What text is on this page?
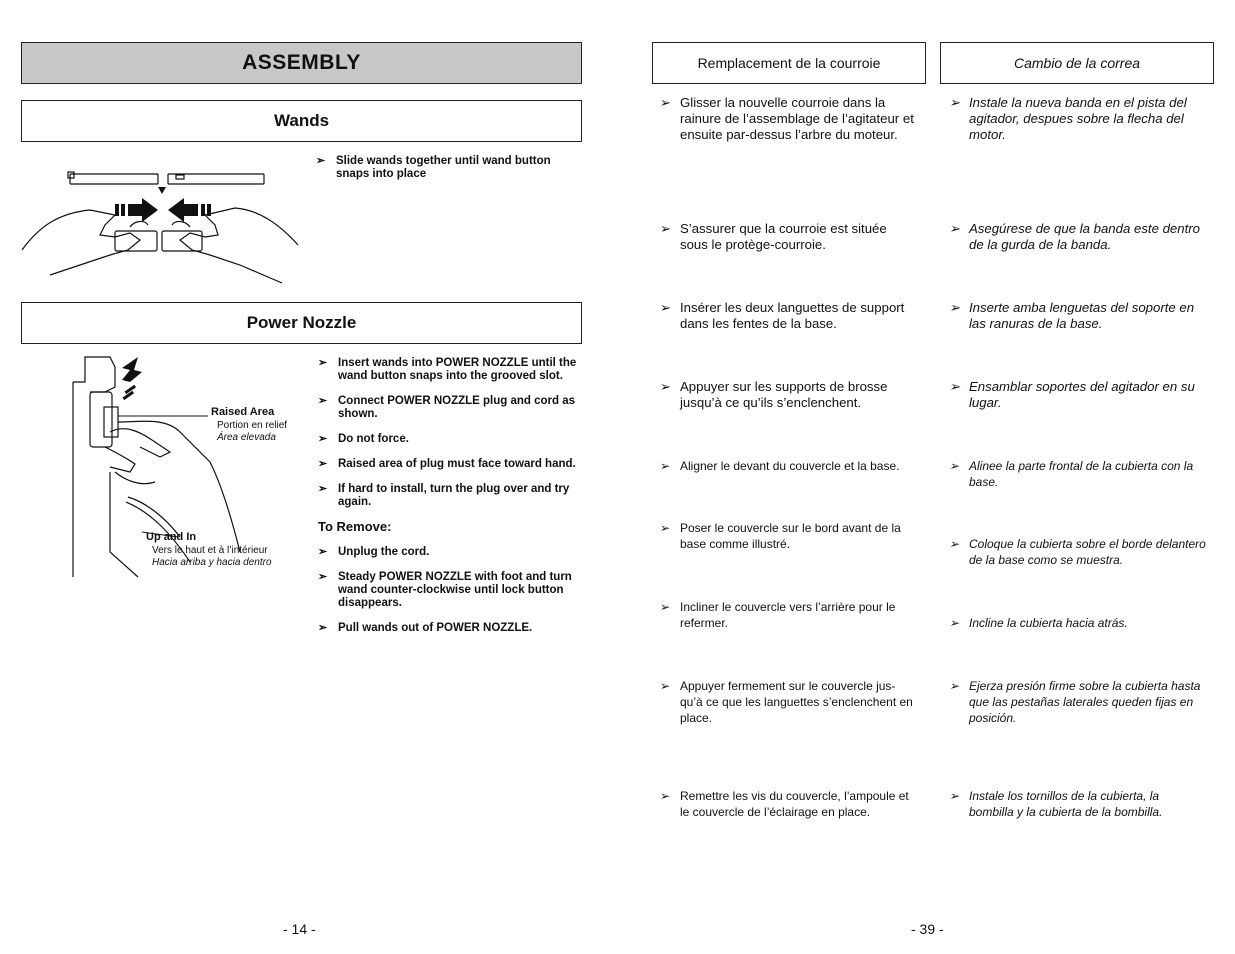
ASSEMBLY
Wands
➢ Slide wands together until wand button snaps into place
Power Nozzle
Raised Area
Portion en relief
Área elevada
Up and In
Vers le haut et à l’intérieur
Hacia arriba y hacia dentro
➢ Insert wands into POWER NOZZLE until the wand button snaps into the grooved slot.
➢ Connect POWER NOZZLE plug and cord as shown.
➢ Do not force.
➢ Raised area of plug must face toward hand.
➢ If hard to install, turn the plug over and try again.
To Remove:
➢ Unplug the cord.
➢ Steady POWER NOZZLE with foot and turn wand counter-clockwise until lock button disappears.
➢ Pull wands out of POWER NOZZLE.
- 14 -
Remplacement de la courroie	Cambio de la correa
➢ Glisser la nouvelle courroie dans la rainure de l’assemblage de l’agitateur et ensuite par-dessus l’arbre du moteur.
➢ S’assurer que la courroie est située sous le protège-courroie.
➢ Insérer les deux languettes de support dans les fentes de la base.
➢ Appuyer sur les supports de brosse jusqu’à ce qu’ils s’enclenchent.
➢ Aligner le devant du couvercle et la base.
➢ Poser le couvercle sur le bord avant de la base comme illustré.
➢ Incliner le couvercle vers l’arrière pour le refermer.
➢ Appuyer fermement sur le couvercle jus-qu’à ce que les languettes s’enclenchent en place.
➢ Remettre les vis du couvercle, l’ampoule et le couvercle de l’éclairage en place.
➢ Instale la nueva banda en el pista del agitador, despues sobre la flecha del motor.
➢ Asegúrese de que la banda este dentro de la gurda de la banda.
➢ Inserte amba lenguetas del soporte en las ranuras de la base.
➢ Ensamblar soportes del agitador en su lugar.
➢ Alinee la parte frontal de la cubierta con la base.
➢ Coloque la cubierta sobre el borde delantero de la base como se muestra.
➢ Incline la cubierta hacia atrás.
➢ Ejerza presión firme sobre la cubierta hasta que las pestañas laterales queden fijas en posición.
➢ Instale los tornillos de la cubierta, la bombilla y la cubierta de la bombilla.
- 39 -
